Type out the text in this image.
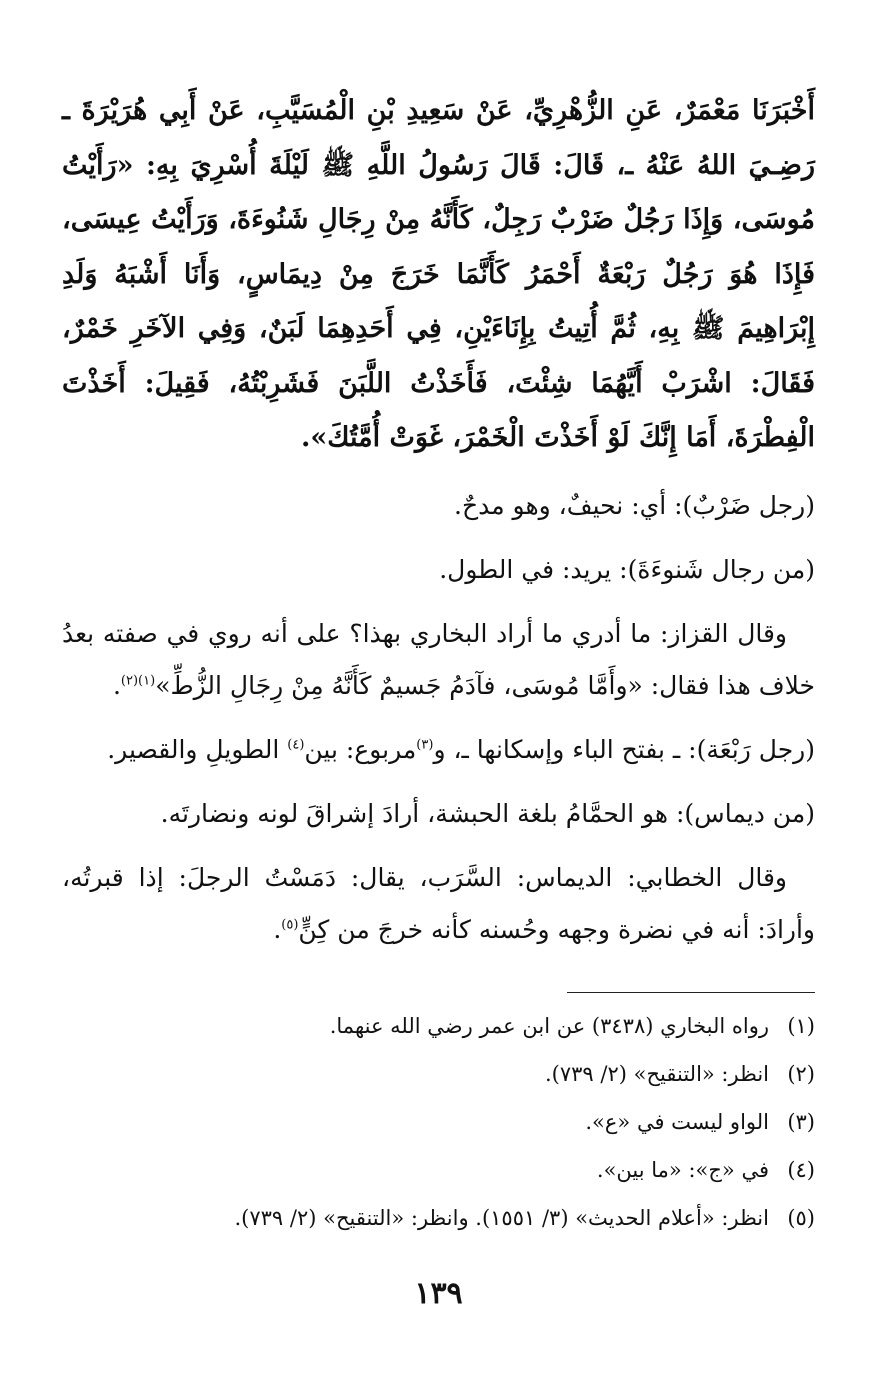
أَخْبَرَنَا مَعْمَرٌ، عَنِ الزُّهْرِيِّ، عَنْ سَعِيدِ بْنِ الْمُسَيَّبِ، عَنْ أَبِي هُرَيْرَةَ ـ رَضِـيَ اللهُ عَنْهُ ـ، قَالَ: قَالَ رَسُولُ اللَّهِ ﷺ لَيْلَةَ أُسْرِيَ بِهِ: «رَأَيْتُ مُوسَى، وَإِذَا رَجُلٌ ضَرْبٌ رَجِلٌ، كَأَنَّهُ مِنْ رِجَالِ شَنُوءَةَ، وَرَأَيْتُ عِيسَى، فَإِذَا هُوَ رَجُلٌ رَبْعَةٌ أَحْمَرُ كَأَنَّمَا خَرَجَ مِنْ دِيمَاسٍ، وَأَنَا أَشْبَهُ وَلَدِ إِبْرَاهِيمَ ﷺ بِهِ، ثُمَّ أُتِيتُ بِإِنَاءَيْنِ، فِي أَحَدِهِمَا لَبَنٌ، وَفِي الآخَرِ خَمْرٌ، فَقَالَ: اشْرَبْ أَيَّهُمَا شِئْتَ، فَأَخَذْتُ اللَّبَنَ فَشَرِبْتُهُ، فَقِيلَ: أَخَذْتَ الْفِطْرَةَ، أَمَا إِنَّكَ لَوْ أَخَذْتَ الْخَمْرَ، غَوَتْ أُمَّتُكَ».

(رجل ضَرْبٌ): أي: نحيفٌ، وهو مدحٌ.

(من رجال شَنوءَةَ): يريد: في الطول.

وقال القزاز: ما أدري ما أراد البخاري بهذا؟ على أنه روي في صفته بعدُ خلاف هذا فقال: «وأَمَّا مُوسَى، فآدَمُ جَسيمٌ كَأَنَّهُ مِنْ رِجَالِ الزُّطِّ»$^{(١)(٢)}$.

(رجل رَبْعَة): ـ بفتح الباء وإسكانها ـ، و$^{(٣)}$مربوع: بين$^{(٤)}$ الطويلِ والقصير.

(من ديماس): هو الحمَّامُ بلغة الحبشة، أرادَ إشراقَ لونه ونضارتَه.

وقال الخطابي: الديماس: السَّرَب، يقال: دَمَسْتُ الرجلَ: إذا قبرتُه، وأرادَ: أنه في نضرة وجهه وحُسنه كأنه خرجَ من كِنٍّ$^{(٥)}$.

(١)
رواه البخاري (٣٤٣٨) عن ابن عمر رضي الله عنهما.
(٢)
انظر: «التنقيح» (٢/ ٧٣٩).
(٣)
الواو ليست في «ع».
(٤)
في «ج»: «ما بين».
(٥)
انظر: «أعلام الحديث» (٣/ ١٥٥١). وانظر: «التنقيح» (٢/ ٧٣٩).
١٣٩
